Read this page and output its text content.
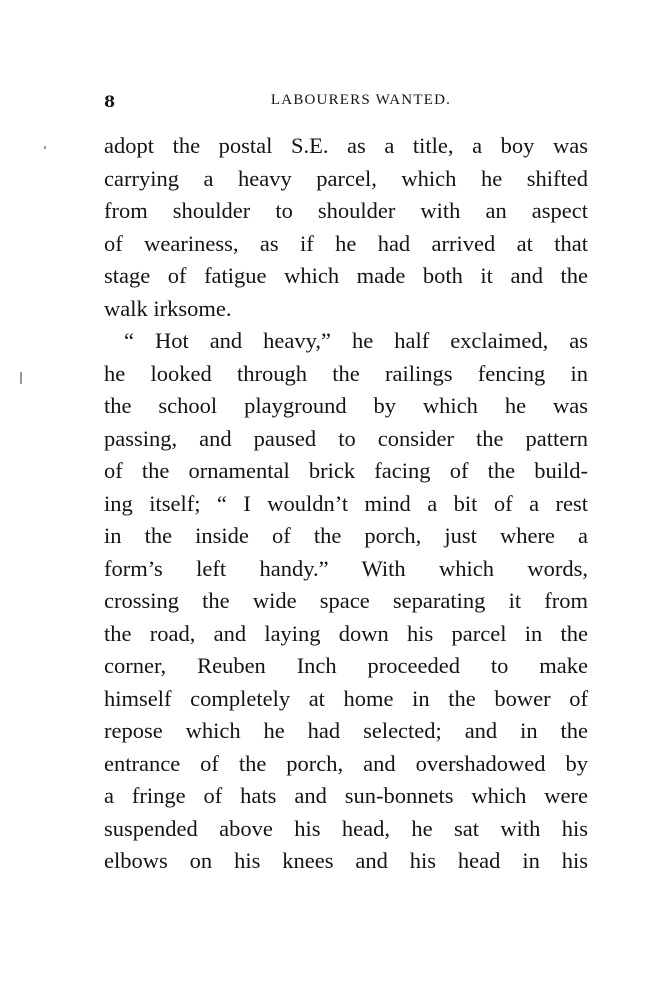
8	LABOURERS WANTED.
adopt the postal S.E. as a title, a boy was
carrying a heavy parcel, which he shifted
from shoulder to shoulder with an aspect
of weariness, as if he had arrived at that
stage of fatigue which made both it and the
walk irksome.
“ Hot and heavy,” he half exclaimed, as
he looked through the railings fencing in
the school playground by which he was
passing, and paused to consider the pattern
of the ornamental brick facing of the build-
ing itself; “ I wouldn’t mind a bit of a rest
in the inside of the porch, just where a
form’s left handy.” With which words,
crossing the wide space separating it from
the road, and laying down his parcel in the
corner, Reuben Inch proceeded to make
himself completely at home in the bower of
repose which he had selected; and in the
entrance of the porch, and overshadowed by
a fringe of hats and sun-bonnets which were
suspended above his head, he sat with his
elbows on his knees and his head in his
